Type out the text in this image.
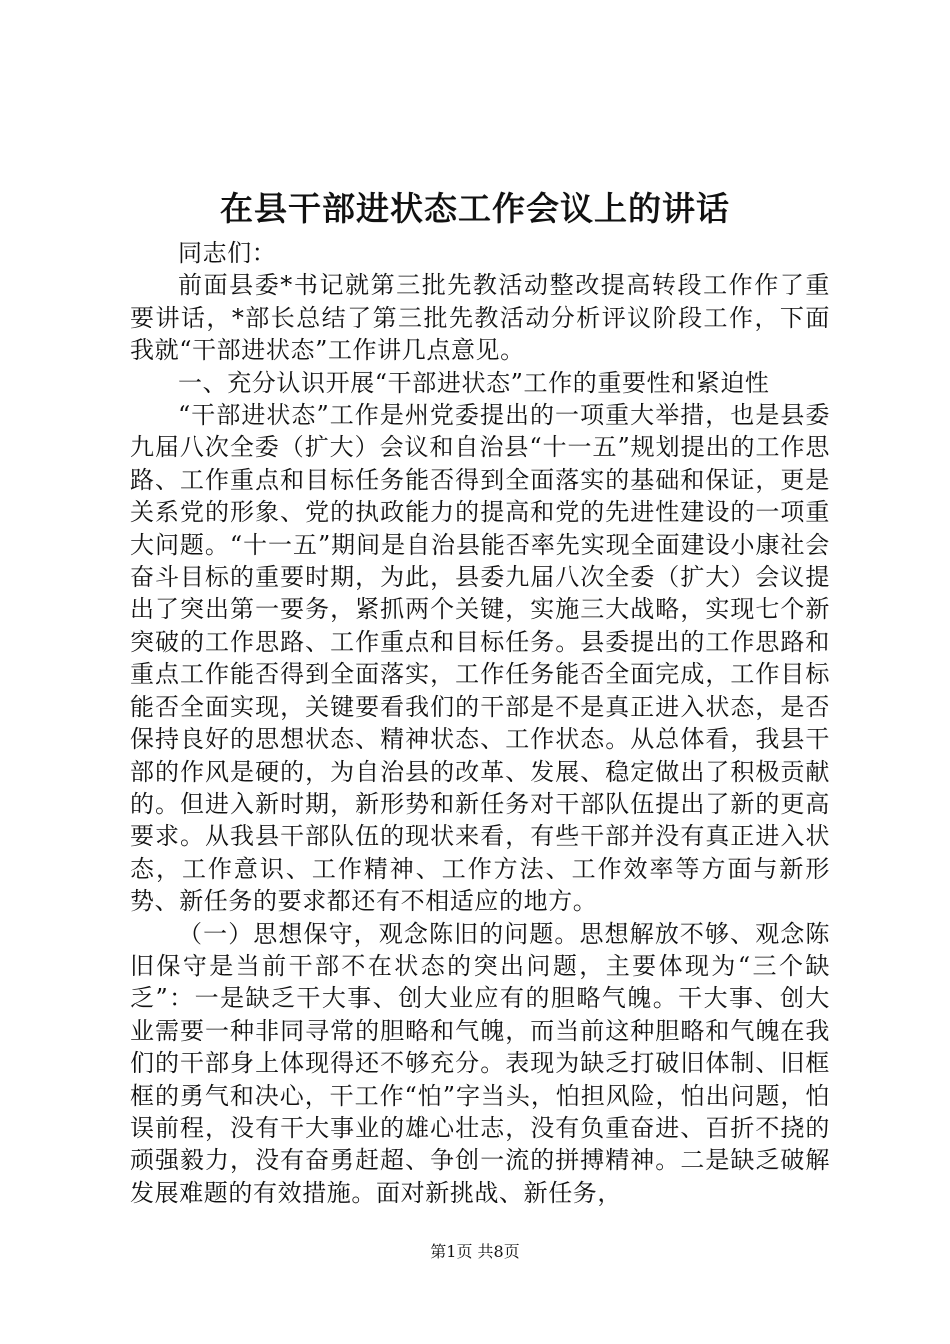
在县干部进状态工作会议上的讲话

同志们：

前面县委*书记就第三批先教活动整改提高转段工作作了重要讲话，*部长总结了第三批先教活动分析评议阶段工作，下面我就“干部进状态”工作讲几点意见。

一、充分认识开展“干部进状态”工作的重要性和紧迫性

“干部进状态”工作是州党委提出的一项重大举措，也是县委九届八次全委（扩大）会议和自治县“十一五”规划提出的工作思路、工作重点和目标任务能否得到全面落实的基础和保证，更是关系党的形象、党的执政能力的提高和党的先进性建设的一项重大问题。“十一五”期间是自治县能否率先实现全面建设小康社会奋斗目标的重要时期，为此，县委九届八次全委（扩大）会议提出了突出第一要务，紧抓两个关键，实施三大战略，实现七个新突破的工作思路、工作重点和目标任务。县委提出的工作思路和重点工作能否得到全面落实，工作任务能否全面完成，工作目标能否全面实现，关键要看我们的干部是不是真正进入状态，是否保持良好的思想状态、精神状态、工作状态。从总体看，我县干部的作风是硬的，为自治县的改革、发展、稳定做出了积极贡献的。但进入新时期，新形势和新任务对干部队伍提出了新的更高要求。从我县干部队伍的现状来看，有些干部并没有真正进入状态，工作意识、工作精神、工作方法、工作效率等方面与新形势、新任务的要求都还有不相适应的地方。

（一）思想保守，观念陈旧的问题。思想解放不够、观念陈旧保守是当前干部不在状态的突出问题，主要体现为“三个缺乏”：一是缺乏干大事、创大业应有的胆略气魄。干大事、创大业需要一种非同寻常的胆略和气魄，而当前这种胆略和气魄在我们的干部身上体现得还不够充分。表现为缺乏打破旧体制、旧框框的勇气和决心，干工作“怕”字当头，怕担风险，怕出问题，怕误前程，没有干大事业的雄心壮志，没有负重奋进、百折不挠的顽强毅力，没有奋勇赶超、争创一流的拼搏精神。二是缺乏破解发展难题的有效措施。面对新挑战、新任务，

第1页 共8页
